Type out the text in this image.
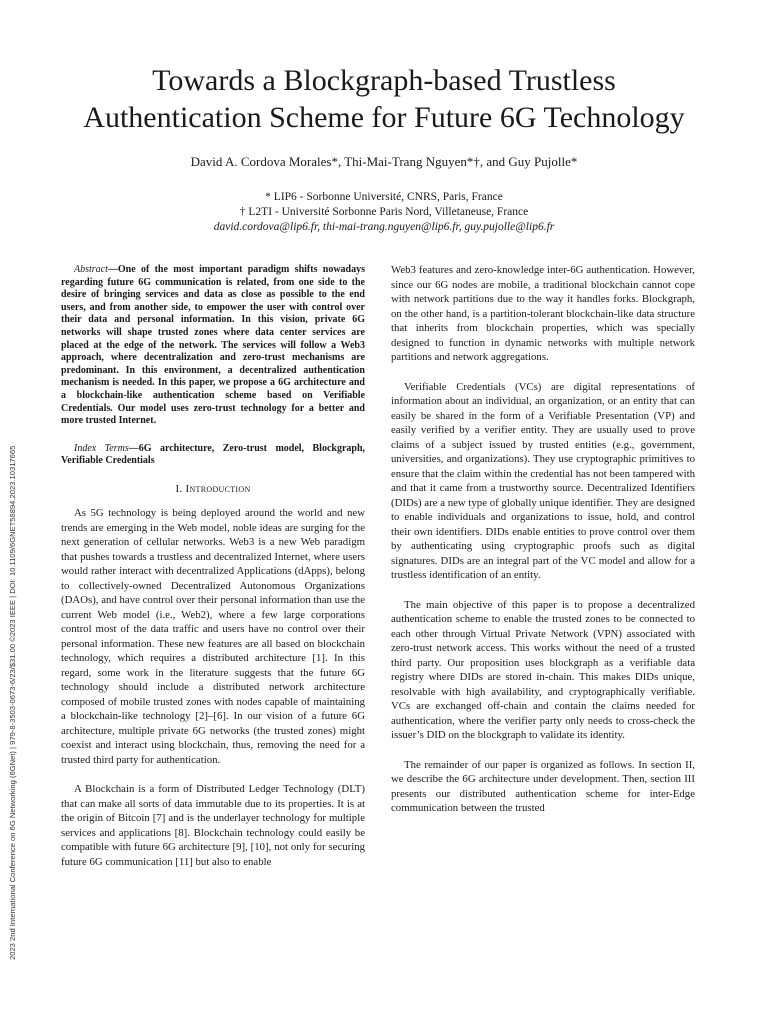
2023 2nd International Conference on 6G Networking (6GNet) | 979-8-3503-0673-6/23/$31.00 ©2023 IEEE | DOI: 10.1109/6GNET58894.2023.10317665
Towards a Blockgraph-based Trustless
Authentication Scheme for Future 6G Technology
David A. Cordova Morales*, Thi-Mai-Trang Nguyen*†, and Guy Pujolle*
* LIP6 - Sorbonne Université, CNRS, Paris, France
† L2TI - Université Sorbonne Paris Nord, Villetaneuse, France
david.cordova@lip6.fr, thi-mai-trang.nguyen@lip6.fr, guy.pujolle@lip6.fr

Abstract—One of the most important paradigm shifts nowadays regarding future 6G communication is related, from one side to the desire of bringing services and data as close as possible to the end users, and from another side, to empower the user with control over their data and personal information. In this vision, private 6G networks will shape trusted zones where data center services are placed at the edge of the network. The services will follow a Web3 approach, where decentralization and zero-trust mechanisms are predominant. In this environment, a decentralized authentication mechanism is needed. In this paper, we propose a 6G architecture and a blockchain-like authentication scheme based on Verifiable Credentials. Our model uses zero-trust technology for a better and more trusted Internet.

Index Terms—6G architecture, Zero-trust model, Blockgraph, Verifiable Credentials

I. Introduction

As 5G technology is being deployed around the world and new trends are emerging in the Web model, noble ideas are surging for the next generation of cellular networks. Web3 is a new Web paradigm that pushes towards a trustless and decentralized Internet, where users would rather interact with decentralized Applications (dApps), belong to collectively-owned Decentralized Autonomous Organizations (DAOs), and have control over their personal information than use the current Web model (i.e., Web2), where a few large corporations control most of the data traffic and users have no control over their personal information. These new features are all based on blockchain technology, which requires a distributed architecture [1]. In this regard, some work in the literature suggests that the future 6G technology should include a distributed network architecture composed of mobile trusted zones with nodes capable of maintaining a blockchain-like technology [2]–[6]. In our vision of a future 6G architecture, multiple private 6G networks (the trusted zones) might coexist and interact using blockchain, thus, removing the need for a trusted third party for authentication.

A Blockchain is a form of Distributed Ledger Technology (DLT) that can make all sorts of data immutable due to its properties. It is at the origin of Bitcoin [7] and is the underlayer technology for multiple services and applications [8]. Blockchain technology could easily be compatible with future 6G architecture [9], [10], not only for securing future 6G communication [11] but also to enable

Web3 features and zero-knowledge inter-6G authentication. However, since our 6G nodes are mobile, a traditional blockchain cannot cope with network partitions due to the way it handles forks. Blockgraph, on the other hand, is a partition-tolerant blockchain-like data structure that inherits from blockchain properties, which was specially designed to function in dynamic networks with multiple network partitions and network aggregations.

Verifiable Credentials (VCs) are digital representations of information about an individual, an organization, or an entity that can easily be shared in the form of a Verifiable Presentation (VP) and easily verified by a verifier entity. They are usually used to prove claims of a subject issued by trusted entities (e.g., government, universities, and organizations). They use cryptographic primitives to ensure that the claim within the credential has not been tampered with and that it came from a trustworthy source. Decentralized Identifiers (DIDs) are a new type of globally unique identifier. They are designed to enable individuals and organizations to issue, hold, and control their own identifiers. DIDs enable entities to prove control over them by authenticating using cryptographic proofs such as digital signatures. DIDs are an integral part of the VC model and allow for a trustless identification of an entity.

The main objective of this paper is to propose a decentralized authentication scheme to enable the trusted zones to be connected to each other through Virtual Private Network (VPN) associated with zero-trust network access. This works without the need of a trusted third party. Our proposition uses blockgraph as a verifiable data registry where DIDs are stored in-chain. This makes DIDs unique, resolvable with high availability, and cryptographically verifiable. VCs are exchanged off-chain and contain the claims needed for authentication, where the verifier party only needs to cross-check the issuer’s DID on the blockgraph to validate its identity.

The remainder of our paper is organized as follows. In section II, we describe the 6G architecture under development. Then, section III presents our distributed authentication scheme for inter-Edge communication between the trusted
